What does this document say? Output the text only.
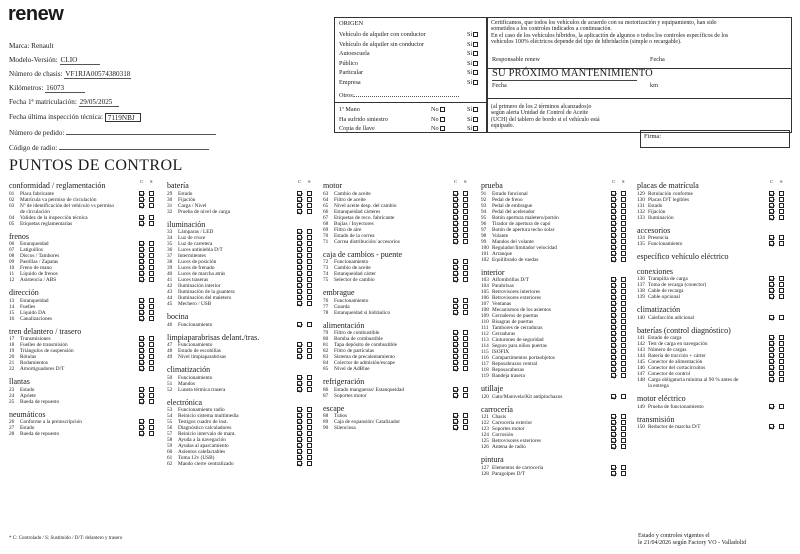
renew
Marca: Renault
Modelo-Versión: CLIO
Número de chasis: VF1RJA00574380318
Kilómetros: 16073
Fecha 1ª matriculación: 29/05/2025
Fecha última inspección técnica: 7119NBJ
Número de pedido:
Código de radio:
ORIGEN
Vehículo de alquiler con conductor	Sí
Vehículo de alquiler sin conductor	Sí
Autoescuela	Sí
Público	Sí
Particular	Sí
Empresa	Sí
Otros:
1ª Mano	No	Sí
Ha sufrido siniestro	No	Sí
Copia de llave	No	Sí
Certificamos, que todos los vehículos de acuerdo con su motorización y equipamiento, han sido
sometidos a los controles indicados a continuación.
En el caso de los vehículos híbridos, la aplicación de algunos o todos los controles específicos de los
vehículos 100% eléctricos depende del tipo de hibridación (simple o recargable).
Responsable renew	Fecha
SU PRÓXIMO MANTENIMIENTO
Fecha	km
(al primero de los 2 términos alcanzados)o
según alerta Unidad de Control de Aceite
(UCH) del tablero de bordo si el vehículo está
equipado.
Firma:
PUNTOS DE CONTROL
C S
conformidad / reglamentación
01 Placa fabricante
02 Matrícula va permiso de circulación
03 Nº de identificación del vehículo vs permiso
de circulación
04 Validez de la inspección técnica
05 Etiquetas reglamentarias
frenos
06 Estanqueidad
07 Latiguillos
08 Discos / Tambores
09 Pastillas / Zapatas
10 Freno de mano
11 Líquido de frenos
12 Asistencia / ABS
dirección
13 Estanqueidad
14 Fuelles
15 Líquido DA
16 Canalizaciones
tren delantero / trasero
17 Transmisiones
18 Fuelles de transmisión
19 Triángulos de suspensión
20 Rótulas
21 Rodamientos
22 Amortiguadores D/T
llantas
23 Estado
24 Apriete
25 Rueda de repuesto
neumáticos
26 Conforme a la preinscripción
27 Estado
28 Rueda de repuesto
C S
batería
29 Estado
30 Fijación
31 Carga / Nivel
32 Prueba de nivel de carga
iluminación
33 Lámparas / LED
34 Luz de cruce
35 Luz de carretera
36 Luces antiniebla D/T
37 Intermitentes
38 Luces de posición
39 Luces de frenado
40 Luces de marcha atrás
41 Luces traseras
42 Iluminación interior
43 Iluminación de la guantera
44 Iluminación del maletero
45 Mechero / USB
bocina
46 Funcionamiento
limpiaparabrisas delant./tras.
47 Funcionamiento
48 Estado de escobillas
49 Nivel limpiaparabrisas
climatización
50 Funcionamiento
51 Mandos
52 Luneta térmica trasera
electrónica
53 Funcionamiento radio
54 Reinicio sistema multimedia
55 Testigos cuadro de inst.
56 Diagnóstico calculadores
57 Reinicio intervalo de mant.
58 Ayuda a la navegación
59 Ayudas al aparcamiento
60 Asientos calefactables
61 Toma 12v (USB)
62 Mando cierre centralizado
C S
motor
63 Cambio de aceite
64 Filtro de aceite
65 Nivel aceite desp. del cambio
66 Estanqueidad cárteres
67 Etiquetas de reco. fabricante
68 Bujías / Inyectores
69 Filtro de aire
70 Estado de la correa
71 Correa distribución/ accesorios
caja de cambios - puente
72 Funcionamiento
73 Cambio de aceite
74 Estanqueidad cárter
75 Selector de cambio
embrague
76 Funcionamiento
77 Guarda
78 Estanqueidad si hidráulico
alimentación
79 Filtro de combustible
80 Bomba de combustible
81 Tapa depósito de combustible
82 Filtro de partículas
83 Sistema de precalentamiento
84 Colector de admisión/escape
85 Nivel de AdBlue
refrigeración
86 Estado mangueras/ Estanqueidad
87 Soportes motor
escape
88 Tubos
89 Caja de expansión/ Catalizador
90 Silenciosa
C S
prueba
91 Estado funcional
92 Pedal de freno
93 Pedal de embrague
94 Pedal del acelerador
95 Botón apertura maletero/portón
96 Tirador de apertura de capó
97 Botón de apertura techo solar
98 Volante
99 Mandos del volante
100 Regulador/limitador velocidad
101 Arranque
102 Equilibrado de ruedas
interior
103 Alfombrillas D/T
104 Parabrisas
105 Retrovisores interiores
106 Retrovisores exteriores
107 Ventanas
108 Mecanismos de los asientos
109 Cerraderos de puertas
110 Bisagras de puertas
111 Tambores de cerraduras
112 Cerraduras
113 Cinturones de seguridad
114 Seguro para niños puertas
115 ISOFIX
116 Compartimentos portaobjetos
117 Reposabrazos central
118 Reposacabezas
119 Bandeja trasera
utillaje
120 Gato/Manivela/Kit antipinchazos
carrocería
121 Chasis
122 Carrocería exterior
123 Soportes motor
124 Corrosión
125 Retrovisores exteriores
126 Antena de radio
pintura
127 Elementos de carrocería
128 Paragolpes D/T
C S
placas de matrícula
129 Rotulación conforme
130 Placas D/T legibles
131 Estado
132 Fijación
133 Iluminación
accesorios
134 Presencia
135 Funcionamiento
específico vehículo eléctrico
conexiones
136 Trampilla de carga
137 Toma de recarga (conector)
138 Cable de recarga
139 Cable opcional
climatización
140 Calefacción adicional
baterías (control diagnóstico)
141 Estado de carga
142 Test de carga en navegación
143 Número de cargas
144 Batería de tracción + cárter
145 Conector de alimentación
146 Conector del cortacircuitos
147 Conector de control
148 Carga obligatoria mínima al 90 % antes de
la entrega
motor eléctrico
149 Prueba de funcionamiento
transmisión
150 Reductor de marcha D/T
* C: Controlado / S: Sustituido / D/T: delantero y trasero	Estado y controles vigentes el
le 21/04/2026 según Factory VO - Valladolid
